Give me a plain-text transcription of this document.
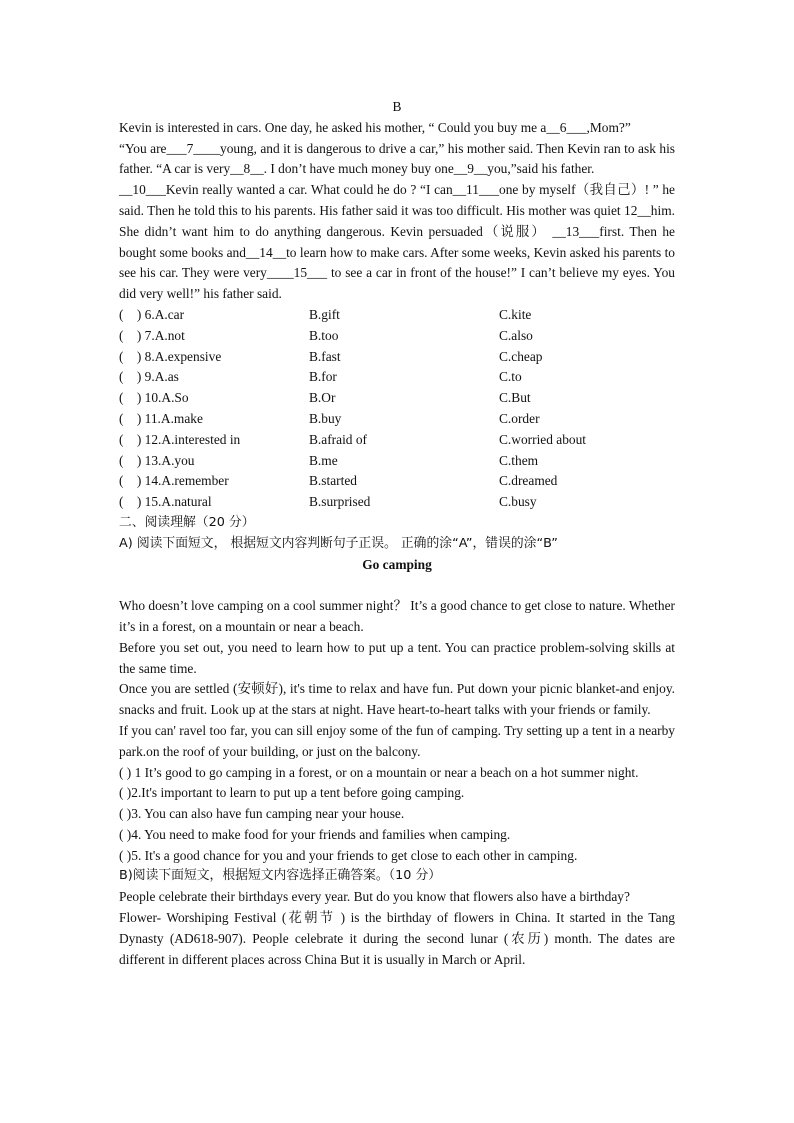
B

Kevin is interested in cars. One day, he asked his mother, “ Could you buy me a__6___,Mom?”

“You are___7____young, and it is dangerous to drive a car,” his mother said. Then Kevin ran to ask his father. “A car is very__8__. I don’t have much money buy one__9__you,”said his father.

__10___Kevin really wanted a car. What could he do ? “I can__11___one by myself（我自己）! ” he said. Then he told this to his parents. His father said it was too difficult. His mother was quiet 12__him. She didn’t want him to do anything dangerous. Kevin persuaded（说服） __13___first. Then he bought some books and__14__to learn how to make cars. After some weeks, Kevin asked his parents to see his car. They were very____15___ to see a car in front of the house!” I can’t believe my eyes. You did very well!” his father said.

(    ) 6.A.car	B.gift	C.kite
(    ) 7.A.not	B.too	C.also
(    ) 8.A.expensive	B.fast	C.cheap
(    ) 9.A.as	B.for	C.to
(    ) 10.A.So	B.Or	C.But
(    ) 11.A.make	B.buy	C.order
(    ) 12.A.interested in	B.afraid of	C.worried about
(    ) 13.A.you	B.me	C.them
(    ) 14.A.remember	B.started	C.dreamed
(    ) 15.A.natural	B.surprised	C.busy
二、阅读理解（20 分）
A) 阅读下面短文， 根据短文内容判断句子正误。 正确的涂“A”，错误的涂“B”
Go camping

Who doesn’t love camping on a cool summer night？ It’s a good chance to get close to nature. Whether it’s in a forest, on a mountain or near a beach.

Before you set out, you need to learn how to put up a tent. You can practice problem-solving skills at the same time.

Once you are settled (安顿好), it's time to relax and have fun. Put down your picnic blanket-and enjoy. snacks and fruit. Look up at the stars at night. Have heart-to-heart talks with your friends or family.

If you can' ravel too far, you can sill enjoy some of the fun of camping. Try setting up a tent in a nearby park.on the roof of your building, or just on the balcony.

( ) 1 It’s good to go camping in a forest, or on a mountain or near a beach on a hot summer night.

( )2.It's important to learn to put up a tent before going camping.

( )3. You can also have fun camping near your house.

( )4. You need to make food for your friends and families when camping.

( )5. It's a good chance for you and your friends to get close to each other in camping.

B)阅读下面短文，根据短文内容选择正确答案。（10 分）

People celebrate their birthdays every year. But do you know that flowers also have a birthday?

Flower- Worshiping Festival (花朝节 ) is the birthday of flowers in China. It started in the Tang Dynasty (AD618-907). People celebrate it during the second lunar (农历) month. The dates are different in different places across China But it is usually in March or April.
